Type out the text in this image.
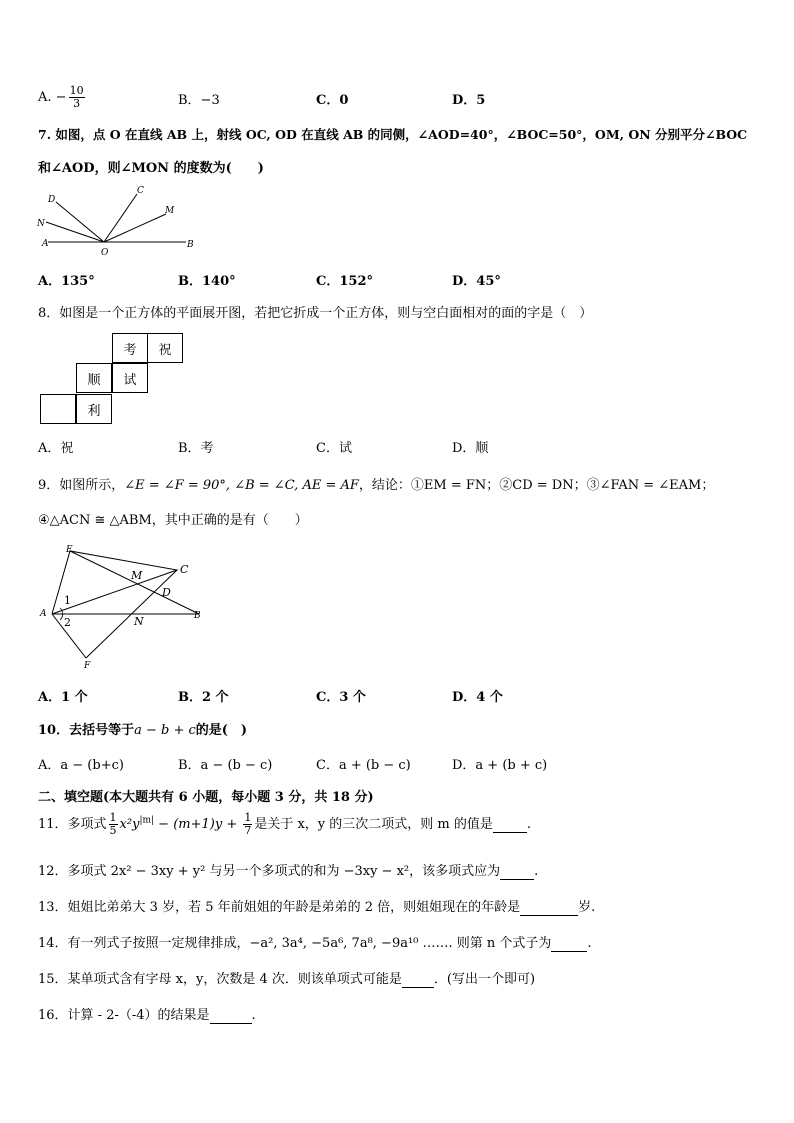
A. − $\frac{10}{3}$	B．−3	C．0	D．5
7. 如图，点 O 在直线 AB 上，射线 OC, OD 在直线 AB 的同侧，∠AOD=40°，∠BOC=50°，OM, ON 分别平分∠BOC
和∠AOD，则∠MON 的度数为(　　)
D
C
N
M
A
O
B
A．135°	B．140°	C．152°	D．45°
8．如图是一个正方体的平面展开图，若把它折成一个正方体，则与空白面相对的面的字是（　）
考	祝
顺	试
利
A．祝	B．考	C．试	D．顺
9．如图所示，∠E = ∠F = 90°, ∠B = ∠C, AE = AF，结论：①EM = FN；②CD = DN；③∠FAN = ∠EAM；
④△ACN ≅ △ABM，其中正确的是有（　　）
E
M	C
D
A
N	B
F
1
2
A．1 个	B．2 个	C．3 个	D．4 个
10．去括号等于a − b + c的是(　)
A．a − (b+c)	B．a − (b − c)	C．a + (b − c)	D．a + (b + c)
二、填空题(本大题共有 6 小题，每小题 3 分，共 18 分)
11．多项式 $\frac{1}{5} x^2y^{|m|} - (m+1)y + \frac{1}{7}$ 是关于 x，y 的三次二项式，则 m 的值是	.
12．多项式 2x² − 3xy + y² 与另一个多项式的和为 −3xy − x²，该多项式应为	.
13．姐姐比弟弟大 3 岁，若 5 年前姐姐的年龄是弟弟的 2 倍，则姐姐现在的年龄是	岁.
14．有一列式子按照一定规律排成，−a², 3a⁴, −5a⁶, 7a⁸, −9a¹⁰ ……. 则第 n 个式子为	.
15．某单项式含有字母 x，y，次数是 4 次．则该单项式可能是 ．(写出一个即可)
16．计算 - 2-（-4）的结果是	.
